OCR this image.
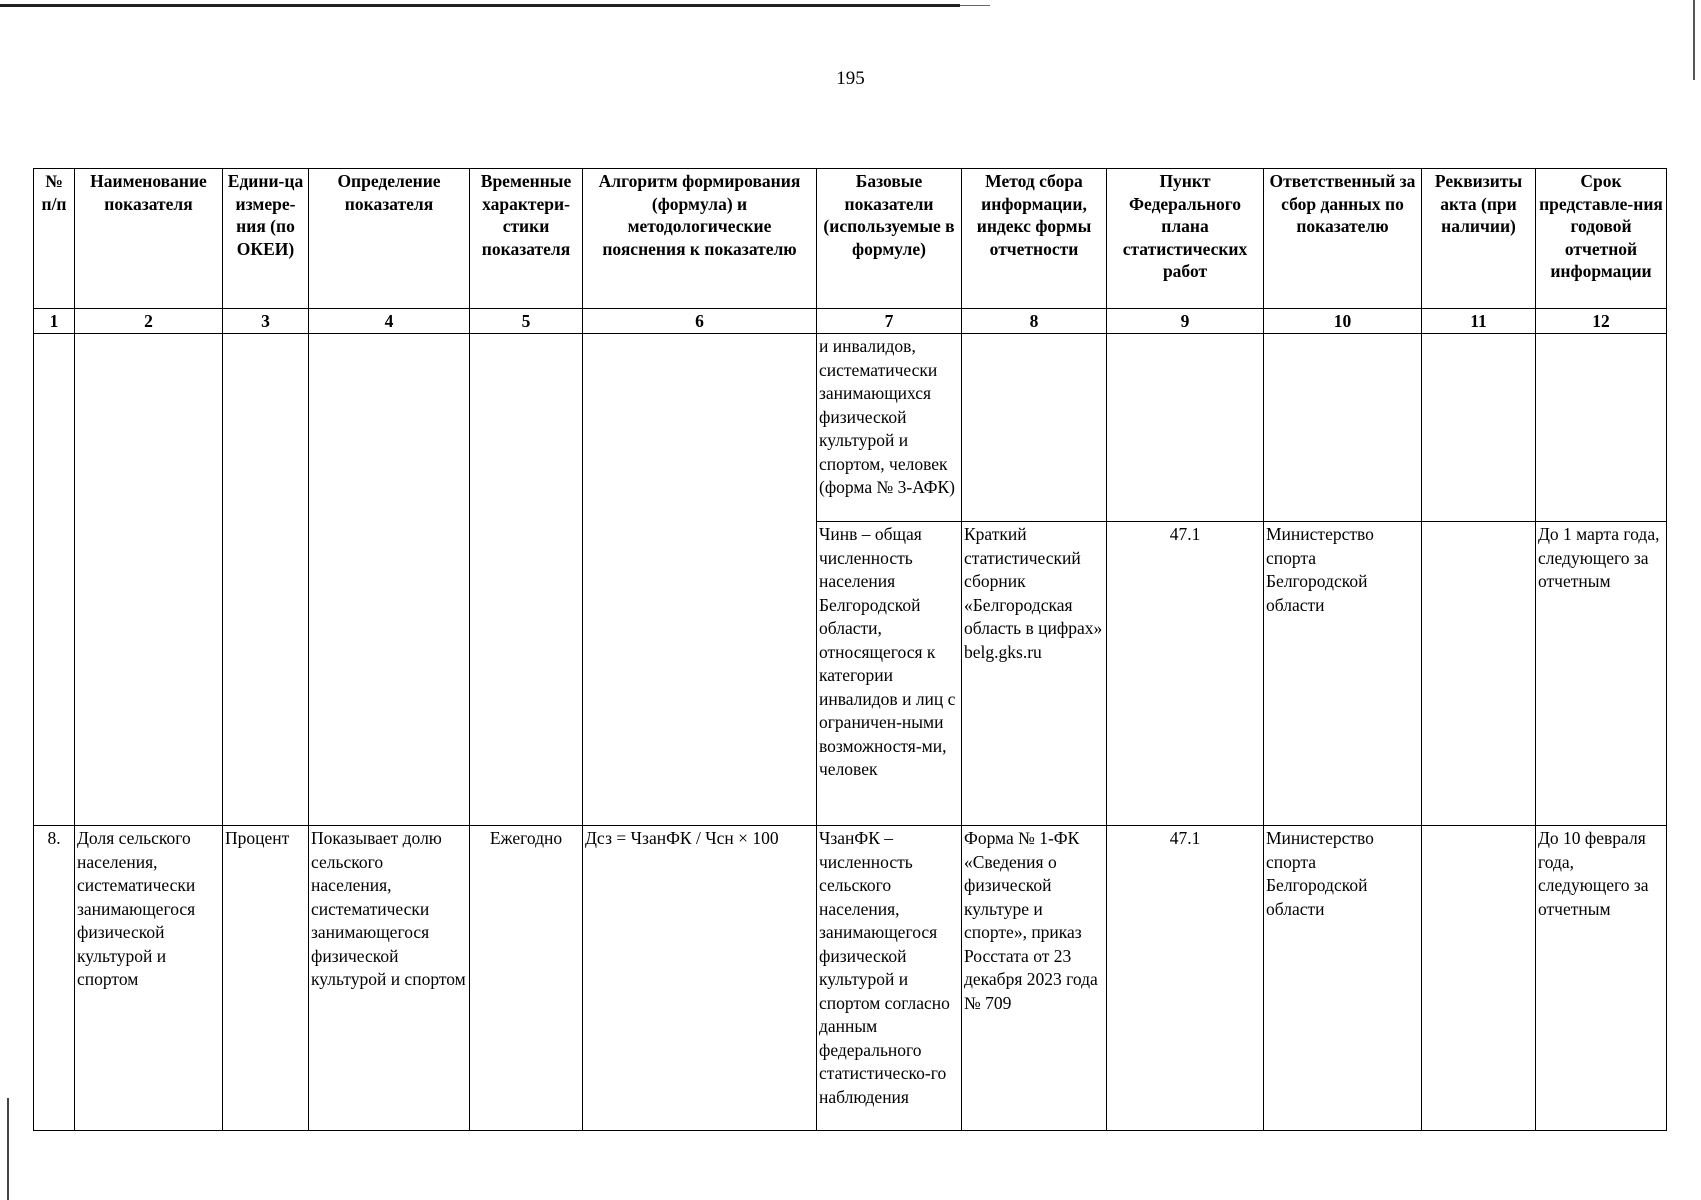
195
№ п/п	Наименование показателя	Едини-ца измере-ния (по ОКЕИ)	Определение показателя	Временные характери-стики показателя	Алгоритм формирования (формула) и методологические пояснения к показателю	Базовые показатели (используемые в формуле)	Метод сбора информации, индекс формы отчетности	Пункт Федерального плана статистических работ	Ответственный за сбор данных по показателю	Реквизиты акта (при наличии)	Срок представле-ния годовой отчетной информации
1	2	3	4	5	6	7	8	9	10	11	12
						и инвалидов, систематически занимающихся физической культурой и спортом, человек (форма № 3-АФК)					
						Чинв – общая численность населения Белгородской области, относящегося к категории инвалидов и лиц с ограничен-ными возможностя-ми, человек	Краткий статистический сборник «Белгородская область в цифрах» belg.gks.ru	47.1	Министерство спорта Белгородской области		До 1 марта года, следующего за отчетным
8.	Доля сельского населения, систематически занимающегося физической культурой и спортом	Процент	Показывает долю сельского населения, систематически занимающегося физической культурой и спортом	Ежегодно	Дсз = ЧзанФК / Чсн × 100	ЧзанФК – численность сельского населения, занимающегося физической культурой и спортом согласно данным федерального статистическо-го наблюдения	Форма № 1-ФК «Сведения о физической культуре и спорте», приказ Росстата от 23 декабря 2023 года № 709	47.1	Министерство спорта Белгородской области		До 10 февраля года, следующего за отчетным
